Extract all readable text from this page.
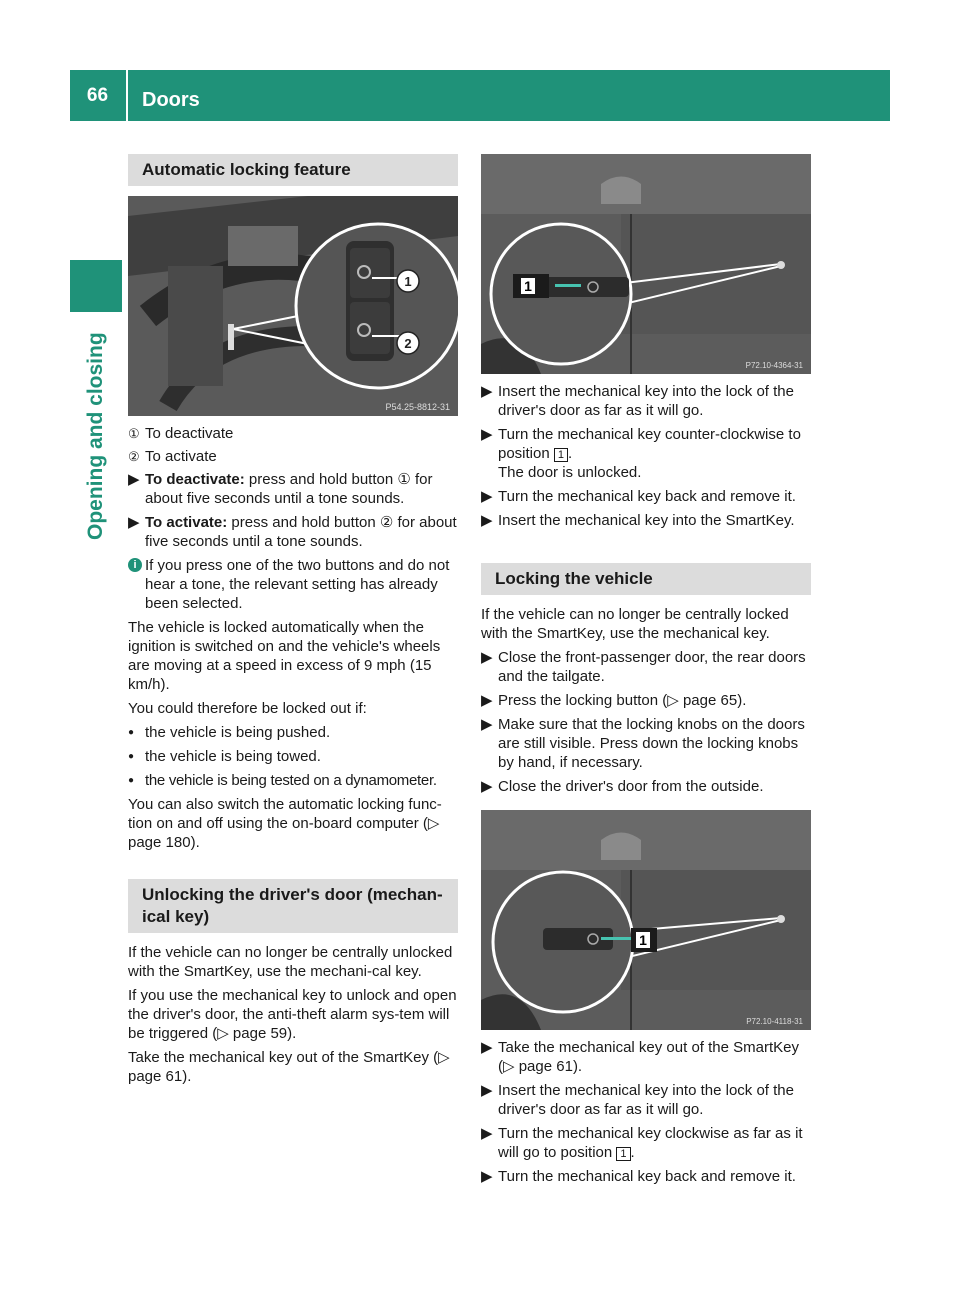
66	Doors
Opening and closing
Automatic locking feature
1
2
P54.25-8812-31
① To deactivate
② To activate
▶ To deactivate: press and hold button ① for about five seconds until a tone sounds.
▶ To activate: press and hold button ② for about five seconds until a tone sounds.
i If you press one of the two buttons and do not hear a tone, the relevant setting has already been selected.

The vehicle is locked automatically when the ignition is switched on and the vehicle's wheels are moving at a speed in excess of 9 mph (15 km/h).

You could therefore be locked out if:

● the vehicle is being pushed.
● the vehicle is being towed.
● the vehicle is being tested on a dynamometer.

You can also switch the automatic locking func-tion on and off using the on-board computer (▷ page 180).

Unlocking the driver's door (mechan-ical key)

If the vehicle can no longer be centrally unlocked with the SmartKey, use the mechani-cal key.

If you use the mechanical key to unlock and open the driver's door, the anti-theft alarm sys-tem will be triggered (▷ page 59).

Take the mechanical key out of the SmartKey (▷ page 61).

1
P72.10-4364-31
▶ Insert the mechanical key into the lock of the driver's door as far as it will go.
▶ Turn the mechanical key counter-clockwise to position 1 .
The door is unlocked.
▶ Turn the mechanical key back and remove it.
▶ Insert the mechanical key into the SmartKey.
Locking the vehicle

If the vehicle can no longer be centrally locked with the SmartKey, use the mechanical key.

▶ Close the front-passenger door, the rear doors and the tailgate.
▶ Press the locking button (▷ page 65).
▶ Make sure that the locking knobs on the doors are still visible. Press down the locking knobs by hand, if necessary.
▶ Close the driver's door from the outside.
1
P72.10-4118-31
▶ Take the mechanical key out of the SmartKey (▷ page 61).
▶ Insert the mechanical key into the lock of the driver's door as far as it will go.
▶ Turn the mechanical key clockwise as far as it will go to position 1 .
▶ Turn the mechanical key back and remove it.
